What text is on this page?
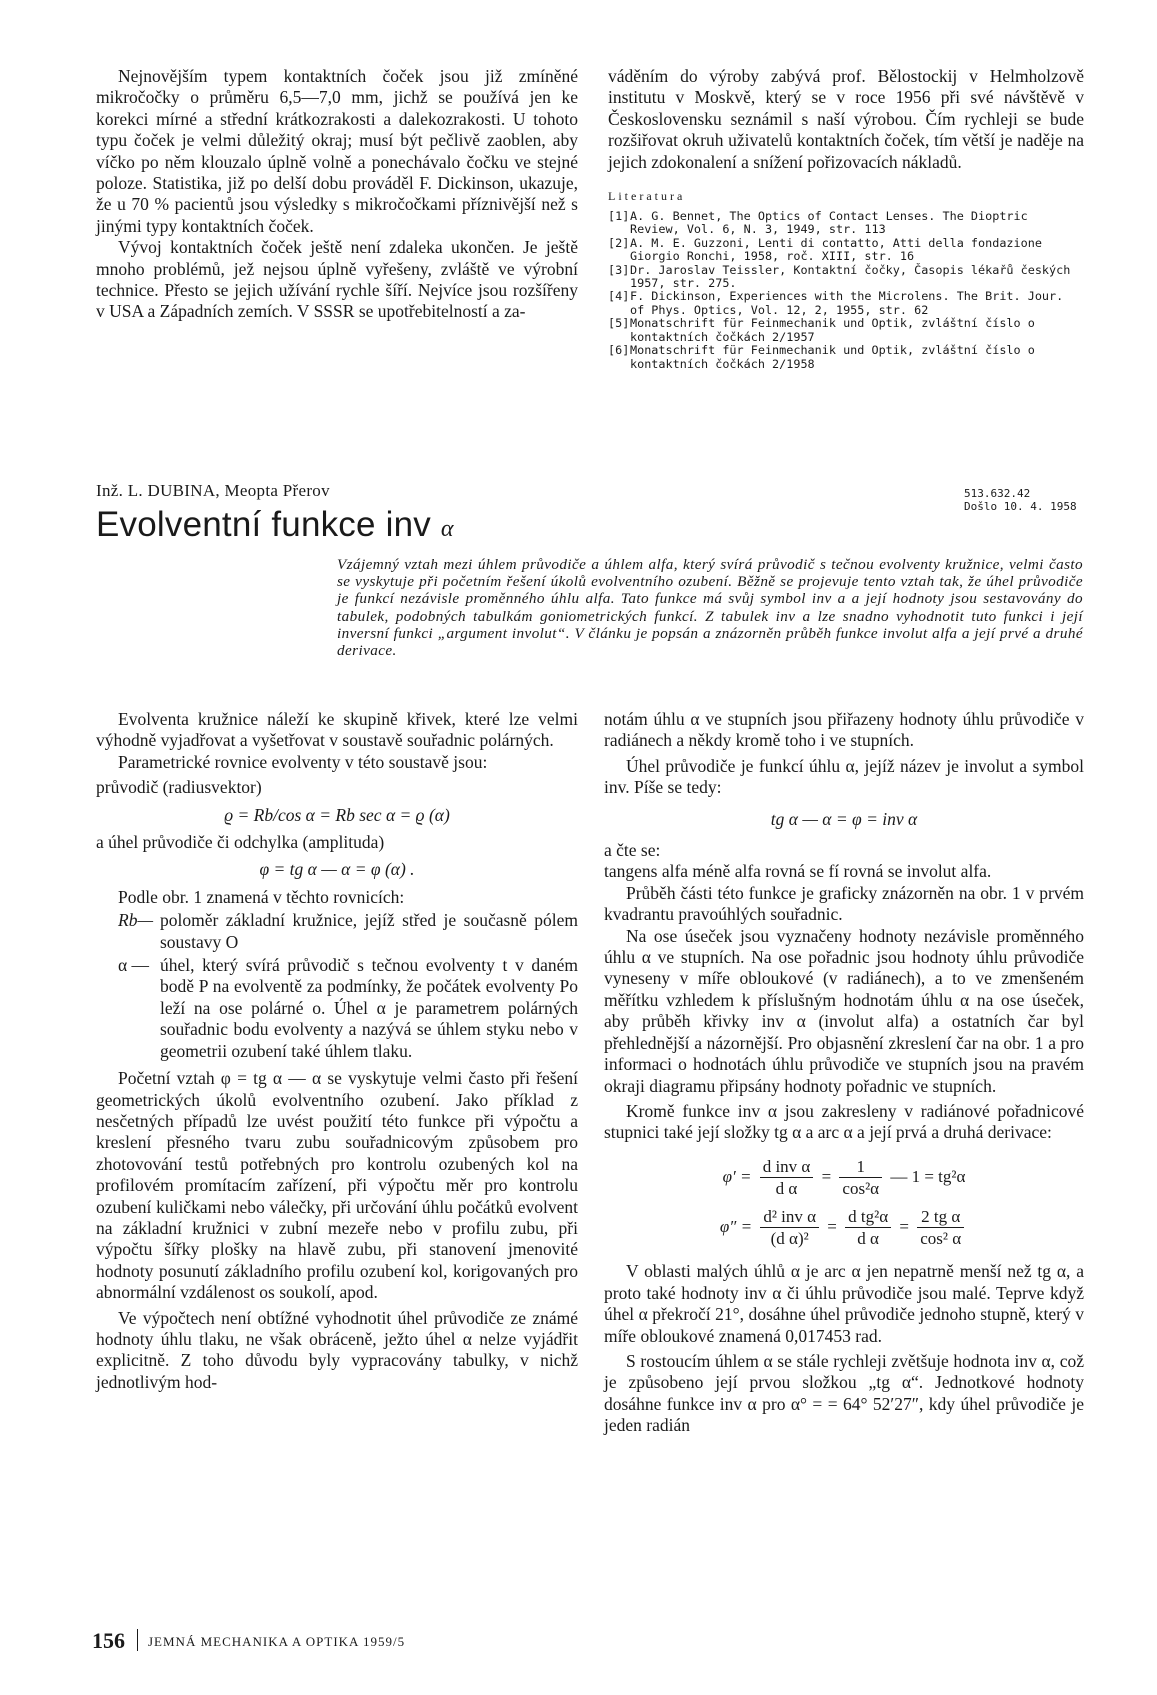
Nejnovějším typem kontaktních čoček jsou již zmíněné mikročočky o průměru 6,5—7,0 mm, jichž se používá jen ke korekci mírné a střední krátkozrakosti a dalekozrakosti. U tohoto typu čoček je velmi důležitý okraj; musí být pečlivě zaoblen, aby víčko po něm klouzalo úplně volně a ponechávalo čočku ve stejné poloze. Statistika, již po delší dobu prováděl F. Dickinson, ukazuje, že u 70 % pacientů jsou výsledky s mikročočkami příznivější než s jinými typy kontaktních čoček.

Vývoj kontaktních čoček ještě není zdaleka ukončen. Je ještě mnoho problémů, jež nejsou úplně vyřešeny, zvláště ve výrobní technice. Přesto se jejich užívání rychle šíří. Nejvíce jsou rozšířeny v USA a Západních zemích. V SSSR se upotřebitelností a za-

váděním do výroby zabývá prof. Bělostockij v Helmholzově institutu v Moskvě, který se v roce 1956 při své návštěvě v Československu seznámil s naší výrobou. Čím rychleji se bude rozšiřovat okruh uživatelů kontaktních čoček, tím větší je naděje na jejich zdokonalení a snížení pořizovacích nákladů.

Literatura
[1] A. G. Bennet, The Optics of Contact Lenses. The Dioptric Review, Vol. 6, N. 3, 1949, str. 113
[2] A. M. E. Guzzoni, Lenti di contatto, Atti della fondazione Giorgio Ronchi, 1958, roč. XIII, str. 16
[3] Dr. Jaroslav Teissler, Kontaktní čočky, Časopis lékařů českých 1957, str. 275.
[4] F. Dickinson, Experiences with the Microlens. The Brit. Jour. of Phys. Optics, Vol. 12, 2, 1955, str. 62
[5] Monatschrift für Feinmechanik und Optik, zvláštní číslo o kontaktních čočkách 2/1957
[6] Monatschrift für Feinmechanik und Optik, zvláštní číslo o kontaktních čočkách 2/1958
Inž. L. DUBINA, Meopta Přerov
Evolventní funkce inv α
513.632.42
Došlo 10. 4. 1958
Vzájemný vztah mezi úhlem průvodiče a úhlem alfa, který svírá průvodič s tečnou evolventy kružnice, velmi často se vyskytuje při početním řešení úkolů evolventního ozubení. Běžně se projevuje tento vztah tak, že úhel průvodiče je funkcí nezávisle proměnného úhlu alfa. Tato funkce má svůj symbol inv a a její hodnoty jsou sestavovány do tabulek, podobných tabulkám goniometrických funkcí. Z tabulek inv a lze snadno vyhodnotit tuto funkci i její inversní funkci „argument involut“. V článku je popsán a znázorněn průběh funkce involut alfa a její prvé a druhé derivace.

Evolventa kružnice náleží ke skupině křivek, které lze velmi výhodně vyjadřovat a vyšetřovat v soustavě souřadnic polárných.

Parametrické rovnice evolventy v této soustavě jsou:

průvodič (radiusvektor)

ϱ = Rb/cos α = Rb sec α = ϱ (α)

a úhel průvodiče či odchylka (amplituda)

φ = tg α — α = φ (α) .

Podle obr. 1 znamená v těchto rovnicích:

Rb— poloměr základní kružnice, jejíž střed je současně pólem soustavy O
α — úhel, který svírá průvodič s tečnou evolventy t v daném bodě P na evolventě za podmínky, že počátek evolventy Po leží na ose polárné o. Úhel α je parametrem polárných souřadnic bodu evolventy a nazývá se úhlem styku nebo v geometrii ozubení také úhlem tlaku.

Početní vztah φ = tg α — α se vyskytuje velmi často při řešení geometrických úkolů evolventního ozubení. Jako příklad z nesčetných případů lze uvést použití této funkce při výpočtu a kreslení přesného tvaru zubu souřadnicovým způsobem pro zhotovování testů potřebných pro kontrolu ozubených kol na profilovém promítacím zařízení, při výpočtu měr pro kontrolu ozubení kuličkami nebo válečky, při určování úhlu počátků evolvent na základní kružnici v zubní mezeře nebo v profilu zubu, při výpočtu šířky plošky na hlavě zubu, při stanovení jmenovité hodnoty posunutí základního profilu ozubení kol, korigovaných pro abnormální vzdálenost os soukolí, apod.

Ve výpočtech není obtížné vyhodnotit úhel průvodiče ze známé hodnoty úhlu tlaku, ne však obráceně, ježto úhel α nelze vyjádřit explicitně. Z toho důvodu byly vypracovány tabulky, v nichž jednotlivým hod-

notám úhlu α ve stupních jsou přiřazeny hodnoty úhlu průvodiče v radiánech a někdy kromě toho i ve stupních.

Úhel průvodiče je funkcí úhlu α, jejíž název je involut a symbol inv. Píše se tedy:

tg α — α = φ = inv α

a čte se:

tangens alfa méně alfa rovná se fí rovná se involut alfa.

Průběh části této funkce je graficky znázorněn na obr. 1 v prvém kvadrantu pravoúhlých souřadnic.

Na ose úseček jsou vyznačeny hodnoty nezávisle proměnného úhlu α ve stupních. Na ose pořadnic jsou hodnoty úhlu průvodiče vyneseny v míře obloukové (v radiánech), a to ve zmenšeném měřítku vzhledem k příslušným hodnotám úhlu α na ose úseček, aby průběh křivky inv α (involut alfa) a ostatních čar byl přehlednější a názornější. Pro objasnění zkreslení čar na obr. 1 a pro informaci o hodnotách úhlu průvodiče ve stupních jsou na pravém okraji diagramu připsány hodnoty pořadnic ve stupních.

Kromě funkce inv α jsou zakresleny v radiánové pořadnicové stupnici také její složky tg α a arc α a její prvá a druhá derivace:

$\varphi' = \frac{\text{d inv α}}{\text{d α}} = \frac{1}{\text{cos²α}}$ — 1 = tg²α
$\varphi'' = \frac{\text{d² inv α}}{\text{(d α)²}} = \frac{\text{d tg²α}}{\text{d α}} = \frac{\text{2 tg α}}{\text{cos² α}}$

V oblasti malých úhlů α je arc α jen nepatrně menší než tg α, a proto také hodnoty inv α či úhlu průvodiče jsou malé. Teprve když úhel α překročí 21°, dosáhne úhel průvodiče jednoho stupně, který v míře obloukové znamená 0,017453 rad.

S rostoucím úhlem α se stále rychleji zvětšuje hodnota inv α, což je způsobeno její prvou složkou „tg α“. Jednotkové hodnoty dosáhne funkce inv α pro α° = = 64° 52′27″, kdy úhel průvodiče je jeden radián

156 JEMNÁ MECHANIKA A OPTIKA 1959/5
